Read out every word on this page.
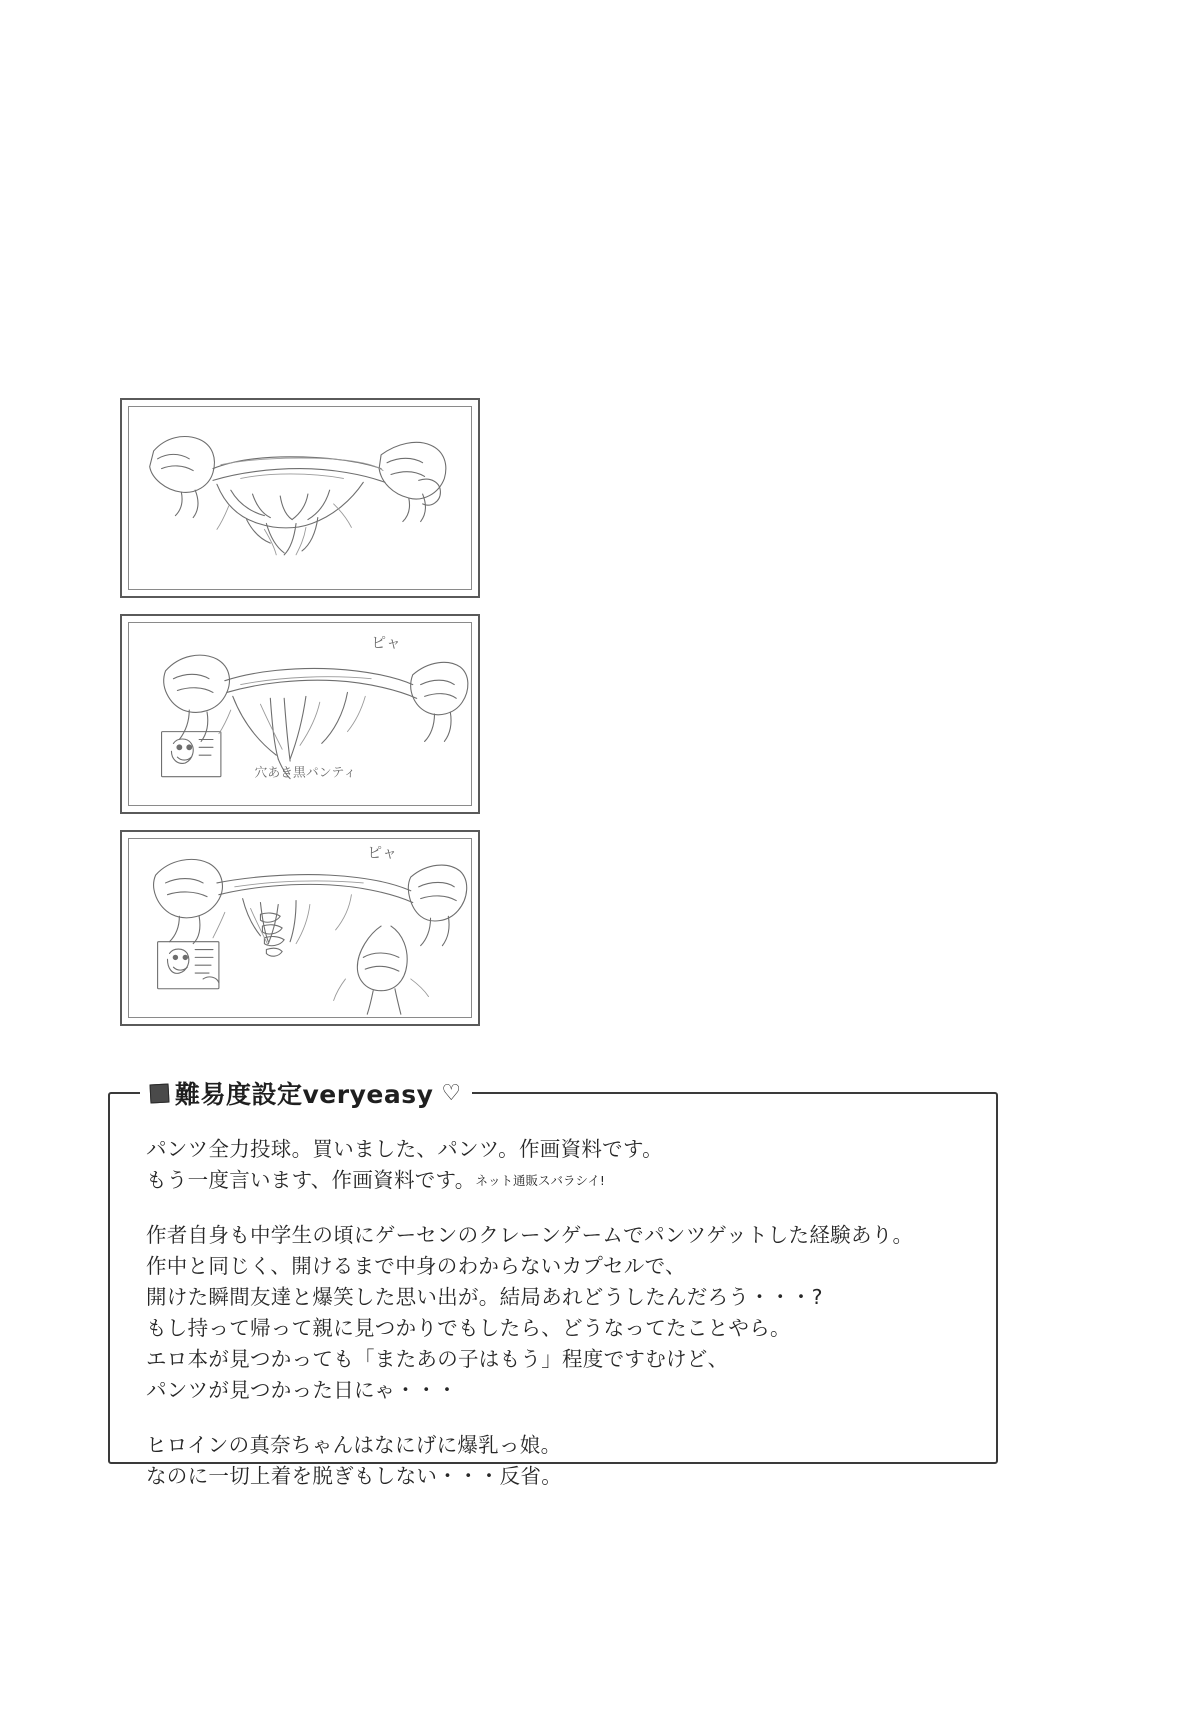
ピャ
穴あき黒パンティ
ピャ
難易度設定veryeasy ♡

パンツ全力投球。買いました、パンツ。作画資料です。
もう一度言います、作画資料です。ネット通販スバラシイ!

作者自身も中学生の頃にゲーセンのクレーンゲームでパンツゲットした経験あり。
作中と同じく、開けるまで中身のわからないカプセルで、
開けた瞬間友達と爆笑した思い出が。結局あれどうしたんだろう・・・?
もし持って帰って親に見つかりでもしたら、どうなってたことやら。
エロ本が見つかっても「またあの子はもう」程度ですむけど、
パンツが見つかった日にゃ・・・

ヒロインの真奈ちゃんはなにげに爆乳っ娘。
なのに一切上着を脱ぎもしない・・・反省。
